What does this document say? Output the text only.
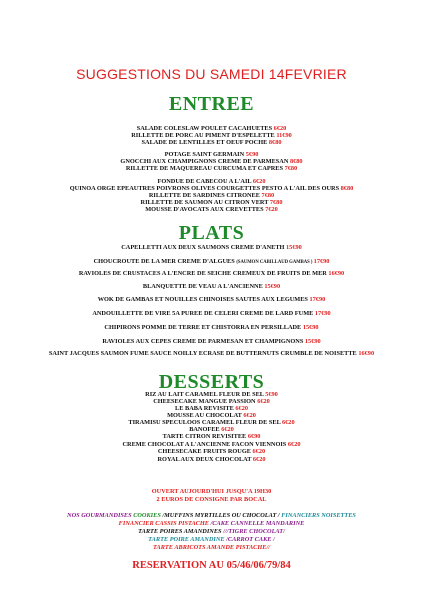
SUGGESTIONS DU SAMEDI 14FEVRIER
ENTREE
SALADE COLESLAW POULET CACAHUETES 6€20
RILLETTE DE PORC AU PIMENT D'ESPELETTE 11€90
SALADE DE LENTILLES ET OEUF POCHE 8€80
POTAGE SAINT GERMAIN 5€90
GNOCCHI AUX CHAMPIGNONS CREME DE PARMESAN 8€80
RILLETTE DE MAQUEREAU CURCUMA ET CAPRES 7€80
FONDUE DE CABECOU A L'AIL 6€20
QUINOA ORGE EPEAUTRES POIVRONS OLIVES COURGETTES PESTO A L'AIL DES OURS 8€80
RILLETTE DE SARDINES CITRONEE 7€80
RILLETTE DE SAUMON AU CITRON VERT 7€80
MOUSSE D'AVOCATS AUX CREVETTES 7€20
PLATS
CAPELLETTI AUX DEUX SAUMONS CREME D'ANETH 15€90
CHOUCROUTE DE LA MER CREME D'ALGUES (SAUMON CABILLAUD GAMBAS ) 17€90
RAVIOLES DE CRUSTACES A L'ENCRE DE SEICHE CREMEUX DE FRUITS DE MER 16€90
BLANQUETTE DE VEAU A L'ANCIENNE 15€90
WOK DE GAMBAS ET NOUILLES CHINOISES SAUTES AUX LEGUMES 17€90
ANDOUILLETTE DE VIRE 5A PUREE DE CELERI CREME DE LARD FUME 17€90
CHIPIRONS POMME DE TERRE ET CHISTORRA EN PERSILLADE 15€90
RAVIOLES AUX CEPES CREME DE PARMESAN ET CHAMPIGNONS 15€90
SAINT JACQUES SAUMON FUME SAUCE NOILLY ECRASE DE BUTTERNUTS CRUMBLE DE NOISETTE 16€90
DESSERTS
RIZ AU LAIT CARAMEL FLEUR DE SEL 5€90
CHEESECAKE MANGUE PASSION 6€20
LE BABA REVISITE 6€20
MOUSSE AU CHOCOLAT 6€20
TIRAMISU SPECULOOS CARAMEL FLEUR DE SEL 6€20
BANOFEE 6€20
TARTE CITRON REVISITEE 6€90
CREME CHOCOLAT A L'ANCIENNE FACON VIENNOIS 6€20
CHEESECAKE FRUITS ROUGE 6€20
ROYAL AUX DEUX CHOCOLAT 6€20
OUVERT AUJOURD'HUI JUSQU'A 19H30
2 EUROS DE CONSIGNE PAR BOCAL
NOS GOURMANDISES COOKIES /MUFFINS MYRTILLES OU CHOCOLAT / FINANCIERS NOISETTES
FINANCIER CASSIS PISTACHE /CAKE CANNELLE MANDARINE
TARTE POIRES AMANDINES ///TIGRE CHOCOLAT/
TARTE POIRE AMANDINE /CARROT CAKE /
TARTE ABRICOTS AMANDE PISTACHE//
RESERVATION AU 05/46/06/79/84
